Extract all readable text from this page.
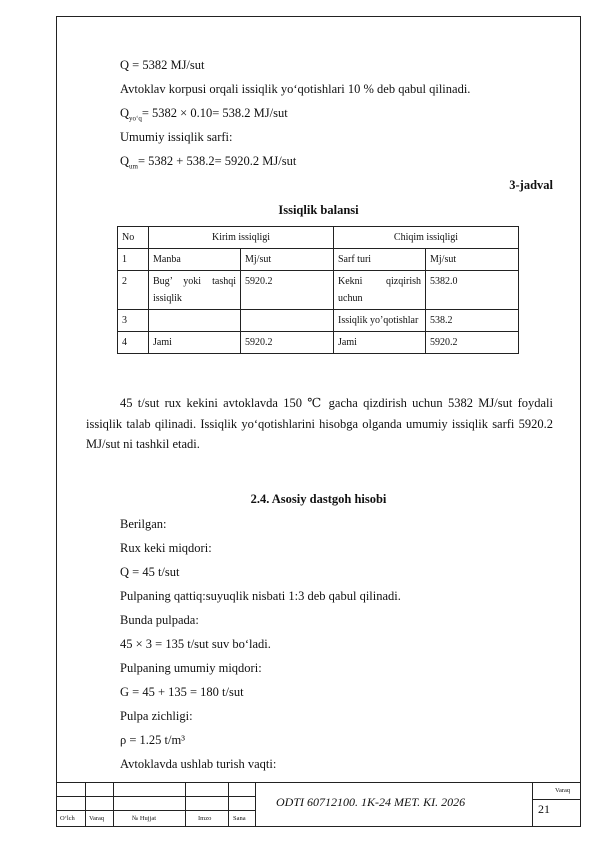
Q = 5382 MJ/sut
Avtoklav korpusi orqali issiqlik yo‘qotishlari 10 % deb qabul qilinadi.
$Q_{yo‘q}= 5382 \times 0.10= 538.2$ MJ/sut
Umumiy issiqlik sarfi:
$Q_{um}= 5382 + 538.2= 5920.2$ MJ/sut
3-jadval
Issiqlik balansi
No	Kirim issiqligi		Chiqim issiqligi	
1	Manba	Mj/sut	Sarf turi	Mj/sut
2	Bug’ yoki tashqi issiqlik	5920.2	Kekni qizqirish uchun	5382.0
3			Issiqlik yo’qotishlar	538.2
4	Jami	5920.2	Jami	5920.2
45 t/sut rux kekini avtoklavda 150 ℃ gacha qizdirish uchun 5382 MJ/sut foydali issiqlik talab qilinadi. Issiqlik yo‘qotishlarini hisobga olganda umumiy issiqlik sarfi 5920.2 MJ/sut ni tashkil etadi.
2.4. Asosiy dastgoh hisobi
Berilgan:
Rux keki miqdori:
Q = 45 t/sut
Pulpaning qattiq:suyuqlik nisbati 1:3 deb qabul qilinadi.
Bunda pulpada:
45 × 3 = 135 t/sut suv bo‘ladi.
Pulpaning umumiy miqdori:
G = 45 + 135 = 180 t/sut
Pulpa zichligi:
ρ = 1.25 t/m³
Avtoklavda ushlab turish vaqti:
O‘lch Varaq	№ Hujjat	Imzo	Sana
ODTI 60712100. 1K-24 MET. KI. 2026
Varaq
21
